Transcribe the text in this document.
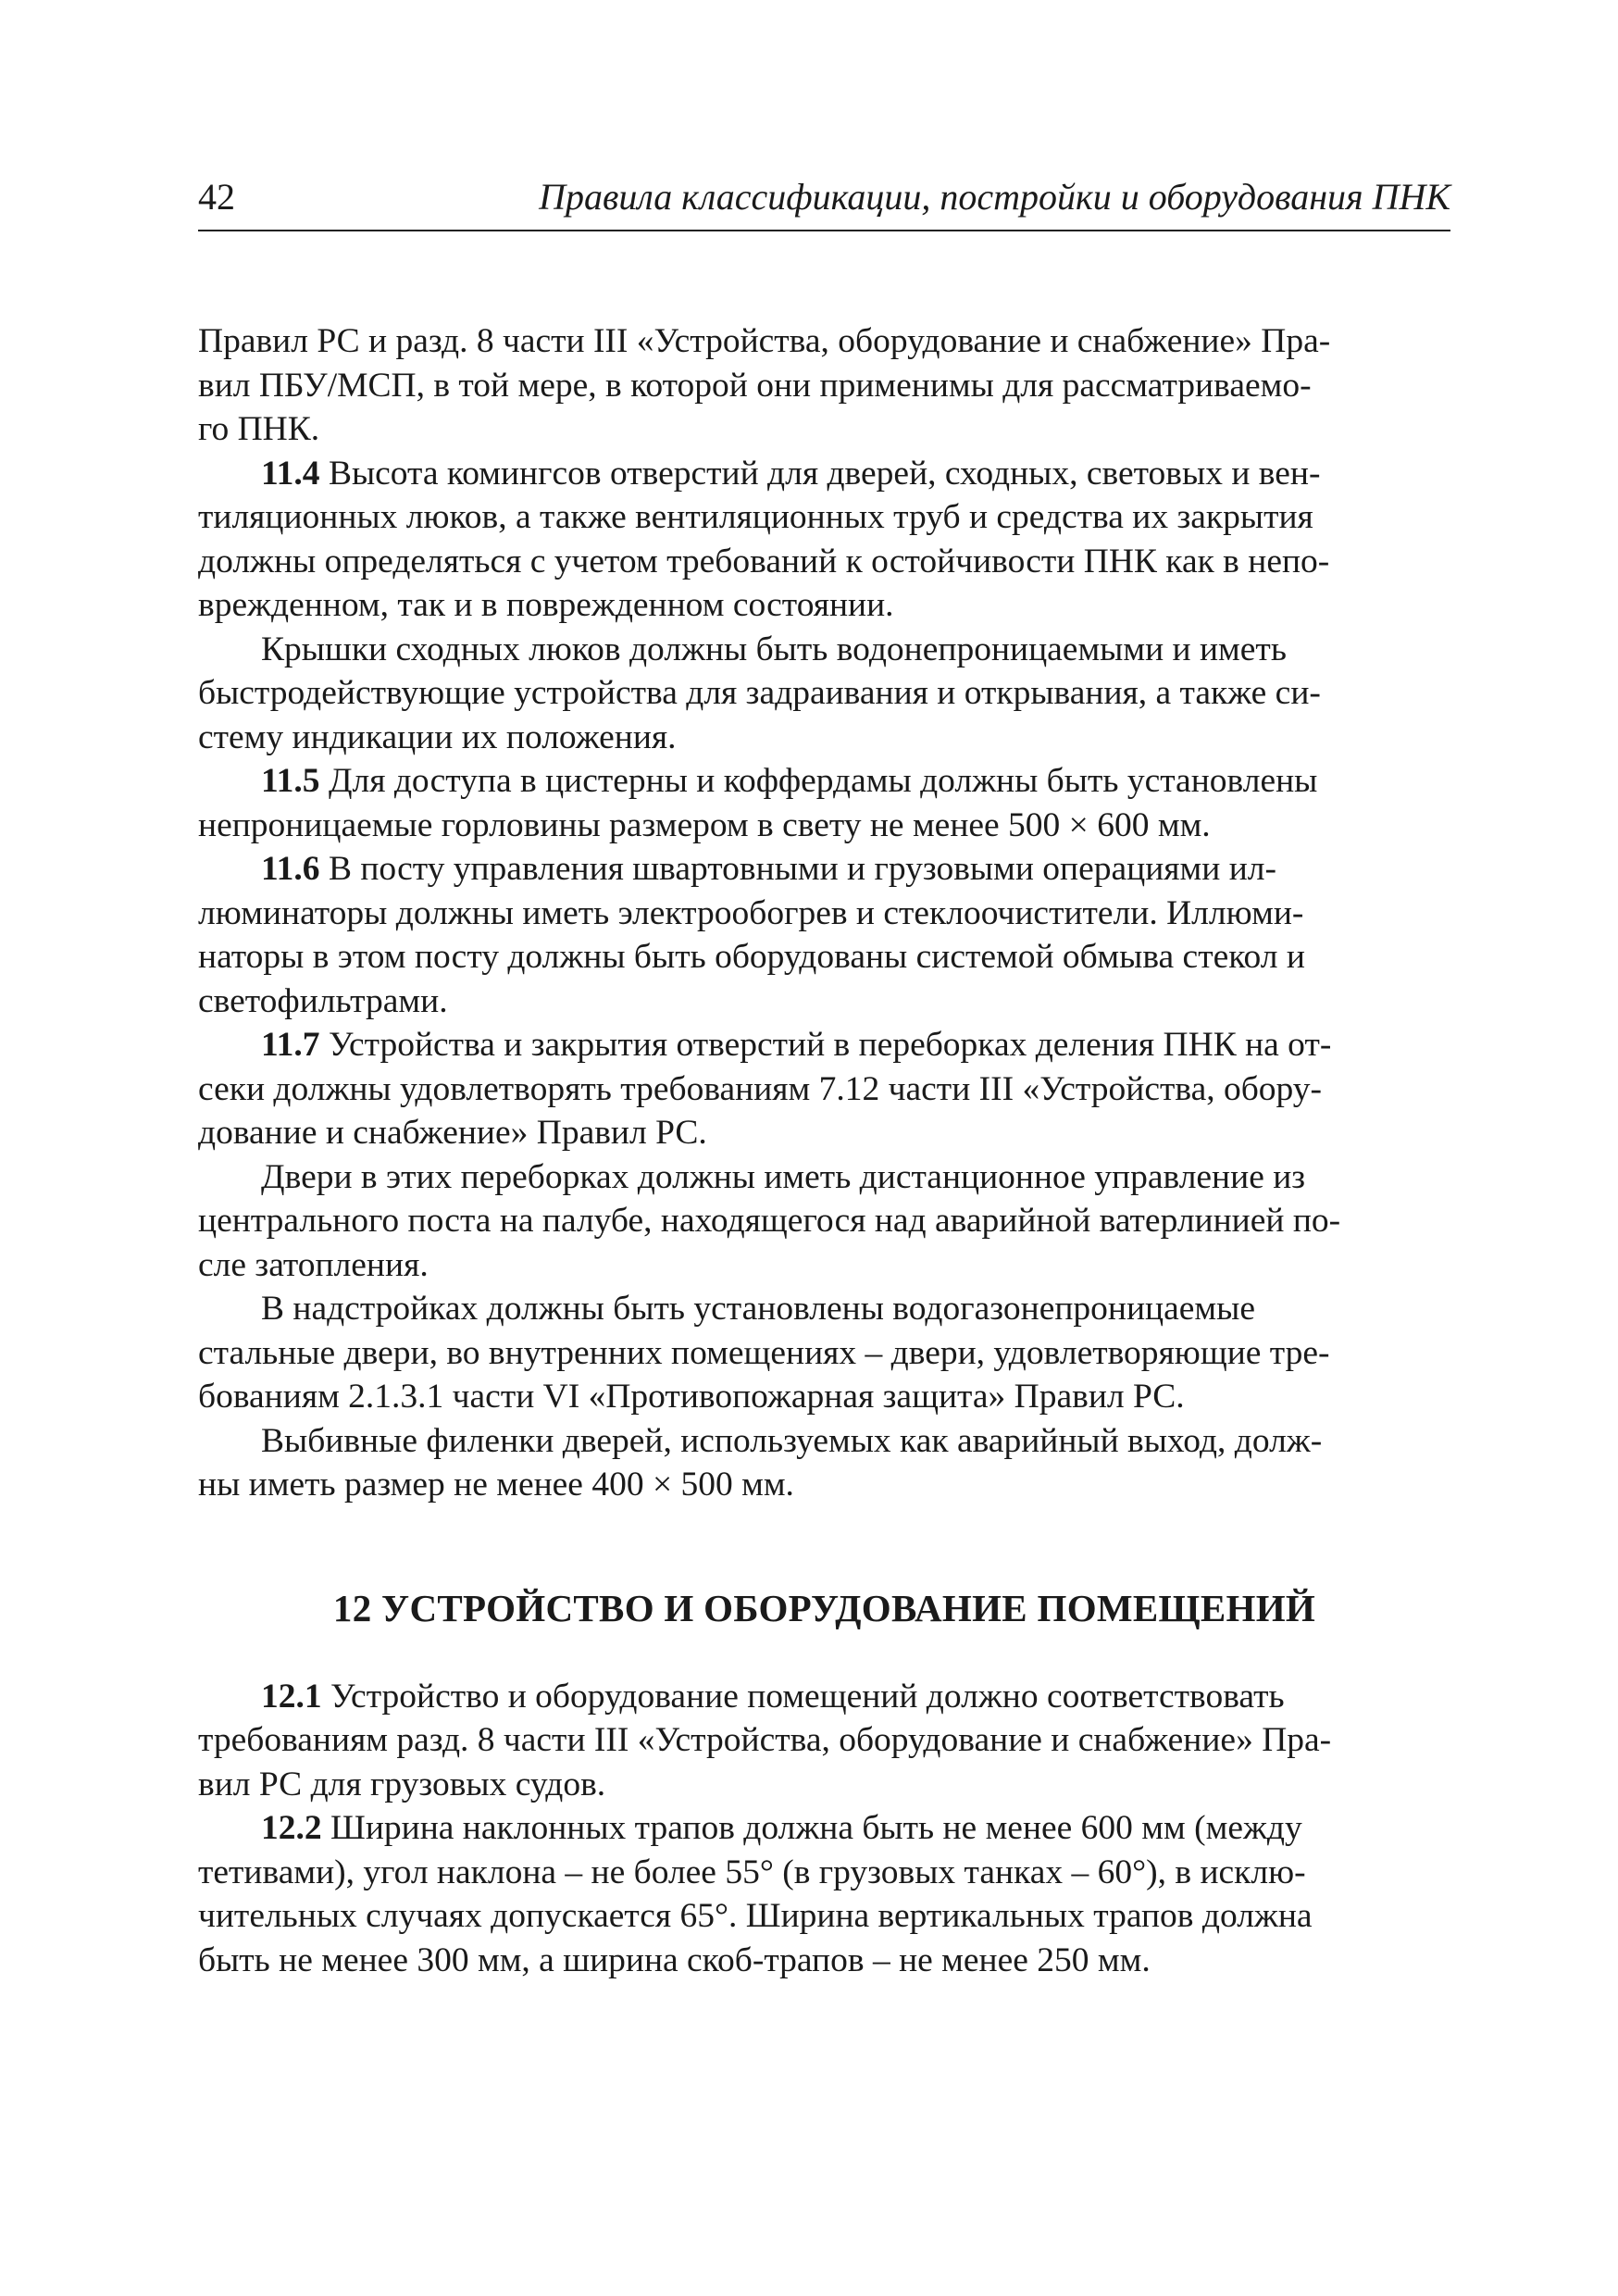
42	Правила классификации, постройки и оборудования ПНК

Правил РС и разд. 8 части III «Устройства, оборудование и снабжение» Пра-
вил ПБУ/МСП, в той мере, в которой они применимы для рассматриваемо-
го ПНК.

11.4 Высота комингсов отверстий для дверей, сходных, световых и вен-
тиляционных люков, а также вентиляционных труб и средства их закрытия
должны определяться с учетом требований к остойчивости ПНК как в непо-
врежденном, так и в поврежденном состоянии.

Крышки сходных люков должны быть водонепроницаемыми и иметь
быстродействующие устройства для задраивания и открывания, а также си-
стему индикации их положения.

11.5 Для доступа в цистерны и коффердамы должны быть установлены
непроницаемые горловины размером в свету не менее 500 × 600 мм.

11.6 В посту управления швартовными и грузовыми операциями ил-
люминаторы должны иметь электрообогрев и стеклоочистители. Иллюми-
наторы в этом посту должны быть оборудованы системой обмыва стекол и
светофильтрами.

11.7 Устройства и закрытия отверстий в переборках деления ПНК на от-
секи должны удовлетворять требованиям 7.12 части III «Устройства, обору-
дование и снабжение» Правил РС.

Двери в этих переборках должны иметь дистанционное управление из
центрального поста на палубе, находящегося над аварийной ватерлинией по-
сле затопления.

В надстройках должны быть установлены водогазонепроницаемые
стальные двери, во внутренних помещениях – двери, удовлетворяющие тре-
бованиям 2.1.3.1 части VI «Противопожарная защита» Правил РС.

Выбивные филенки дверей, используемых как аварийный выход, долж-
ны иметь размер не менее 400 × 500 мм.

12 УСТРОЙСТВО И ОБОРУДОВАНИЕ ПОМЕЩЕНИЙ

12.1 Устройство и оборудование помещений должно соответствовать
требованиям разд. 8 части III «Устройства, оборудование и снабжение» Пра-
вил РС для грузовых судов.

12.2 Ширина наклонных трапов должна быть не менее 600 мм (между
тетивами), угол наклона – не более 55° (в грузовых танках – 60°), в исклю-
чительных случаях допускается 65°. Ширина вертикальных трапов должна
быть не менее 300 мм, а ширина скоб-трапов – не менее 250 мм.
